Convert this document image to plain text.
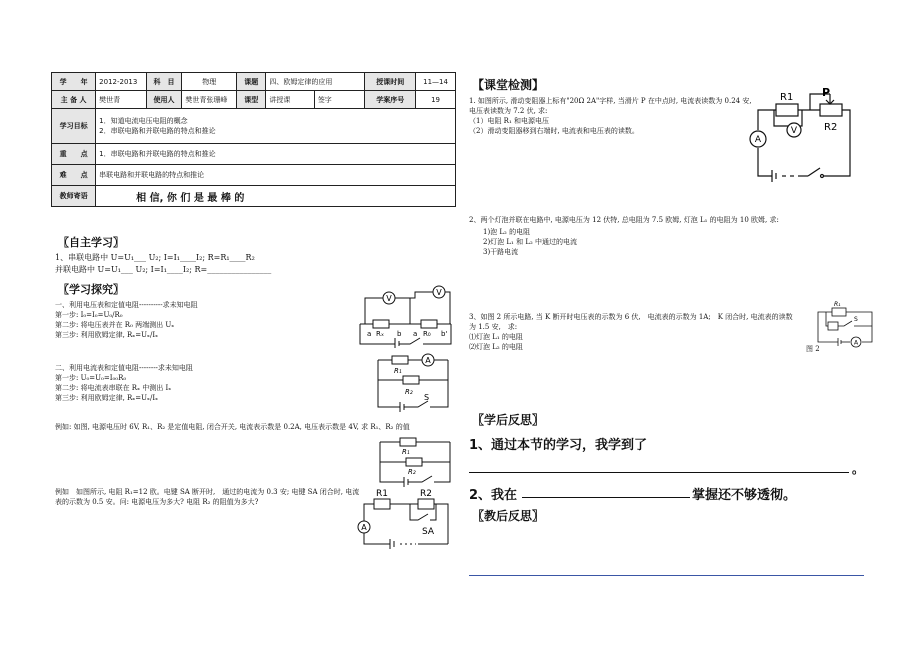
学　　年	2012-2013	科　目	物理	课题	四、欧姆定律的应用		授课时间	11—14
主 备 人	樊世青	使用人	樊世青张珊峰	课型	讲授课	签字	学案序号	19
学习目标	1．知道电流电压电阻的概念
2．串联电路和并联电路的特点和推论							

重　　点	1．串联电路和并联电路的特点和推论							
难　　点	串联电路和并联电路的特点和推论							
教师寄语	相 信, 你 们 是 最 棒 的							
〖自主学习〗
1、串联电路中 U=U₁___ U₂; I=I₁____I₂; R=R₁____R₂
并联电路中 U=U₁___ U₂; I=I₁____I₂; R=________________
〖学习探究〗
一、利用电压表和定值电阻----------求未知电阻
第一步: I₀=I₀=U₀/R₀
第二步: 将电压表并在 R₀ 两端测出 Uₓ
第三步: 利用欧姆定律, Rₓ=Uₓ/Iₓ
二、利用电流表和定值电阻--------求未知电阻
第一步: U₀=U₀=I₀₀R₀
第二步: 将电流表串联在 Rₓ 中测出 Iₓ
第三步: 利用欧姆定律, Rₓ=Uₓ/Iₓ
例如: 如图, 电源电压时 6V, R₁、R₂ 是定值电阻, 闭合开关, 电流表示数是 0.2A, 电压表示数是 4V, 求 R₁、R₂ 的值
例如　如图所示, 电阻 R₁=12 欧。电键 SA 断开时,　通过的电流为 0.3 安; 电键 SA 闭合时, 电流表的示数为 0.5 安。问: 电源电压为多大? 电阻 R₂ 的阻值为多大?
V
V
a Rₓ b a R₀ b'
A
R₁
R₂
S
R₁
R₂
A
R1	R2
SA
【课堂检测】
1. 如图所示, 滑动变阻器上标有"20Ω 2A"字样, 当滑片 P 在中点时, 电流表读数为 0.24 安, 电压表读数为 7.2 伏, 求:
（1）电阻 R₁ 和电源电压
（2）滑动变阻器移到右端时, 电流表和电压表的读数。
A
V
R1	P
R2
2、两个灯泡并联在电路中, 电源电压为 12 伏特, 总电阻为 7.5 欧姆, 灯泡 L₁ 的电阻为 10 欧姆, 求:
1)泡 L₂ 的电阻
2)灯泡 L₁ 和 L₂ 中通过的电流
3)干路电流
3、如图 2 所示电路, 当 K 断开时电压表的示数为 6 伏,　电流表的示数为 1A;　K 闭合时, 电流表的读数为 1.5 安,　求:
⑴灯泡 L₁ 的电阻
⑵灯泡 L₂ 的电阻	A
R₁
S
图 2
〖学后反思〗
1、通过本节的学习，我学到了
。
2、我在	掌握还不够透彻。
〖教后反思〗
